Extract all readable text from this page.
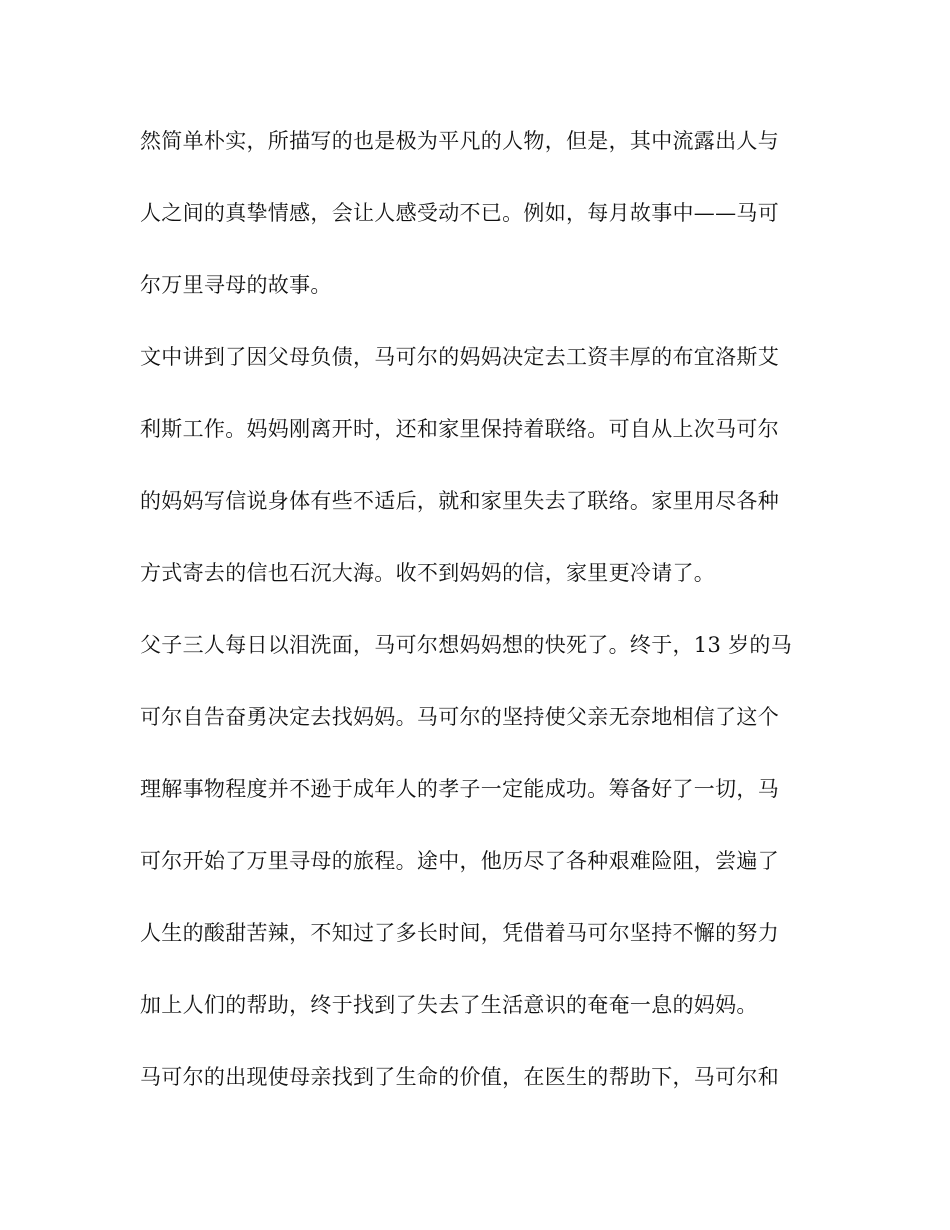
然简单朴实，所描写的也是极为平凡的人物，但是，其中流露出人与
人之间的真挚情感，会让人感受动不已。例如，每月故事中——马可
尔万里寻母的故事。
文中讲到了因父母负债，马可尔的妈妈决定去工资丰厚的布宜洛斯艾
利斯工作。妈妈刚离开时，还和家里保持着联络。可自从上次马可尔
的妈妈写信说身体有些不适后，就和家里失去了联络。家里用尽各种
方式寄去的信也石沉大海。收不到妈妈的信，家里更冷请了。
父子三人每日以泪洗面，马可尔想妈妈想的快死了。终于，13 岁的马
可尔自告奋勇决定去找妈妈。马可尔的坚持使父亲无奈地相信了这个
理解事物程度并不逊于成年人的孝子一定能成功。筹备好了一切，马
可尔开始了万里寻母的旅程。途中，他历尽了各种艰难险阻，尝遍了
人生的酸甜苦辣，不知过了多长时间，凭借着马可尔坚持不懈的努力
加上人们的帮助，终于找到了失去了生活意识的奄奄一息的妈妈。
马可尔的出现使母亲找到了生命的价值，在医生的帮助下，马可尔和
